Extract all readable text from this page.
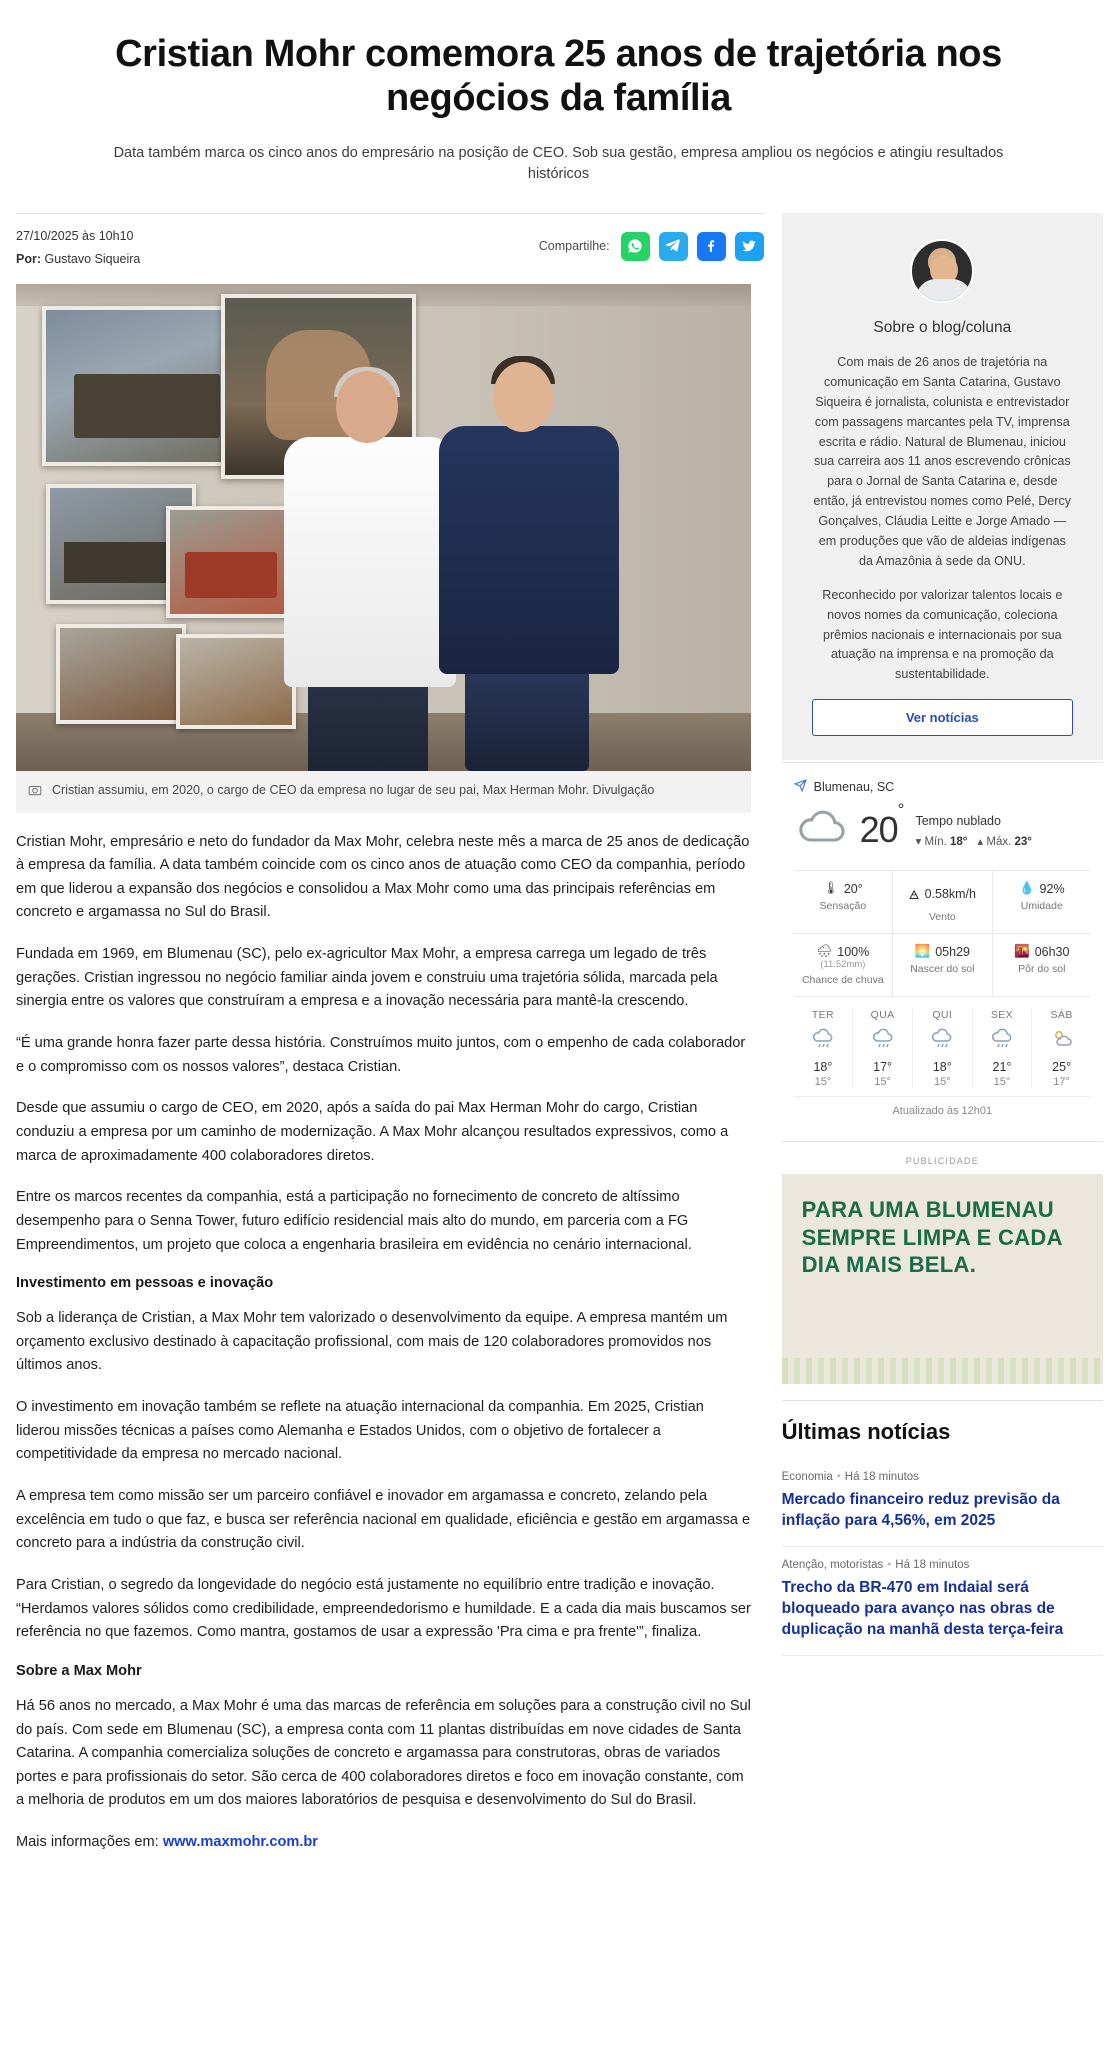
Cristian Mohr comemora 25 anos de trajetória nos negócios da família
Data também marca os cinco anos do empresário na posição de CEO. Sob sua gestão, empresa ampliou os negócios e atingiu resultados históricos
27/10/2025 às 10h10
Por: Gustavo Siqueira
Compartilhe:
Cristian assumiu, em 2020, o cargo de CEO da empresa no lugar de seu pai, Max Herman Mohr. Divulgação

Cristian Mohr, empresário e neto do fundador da Max Mohr, celebra neste mês a marca de 25 anos de dedicação à empresa da família. A data também coincide com os cinco anos de atuação como CEO da companhia, período em que liderou a expansão dos negócios e consolidou a Max Mohr como uma das principais referências em concreto e argamassa no Sul do Brasil.

Fundada em 1969, em Blumenau (SC), pelo ex-agricultor Max Mohr, a empresa carrega um legado de três gerações. Cristian ingressou no negócio familiar ainda jovem e construiu uma trajetória sólida, marcada pela sinergia entre os valores que construíram a empresa e a inovação necessária para mantê-la crescendo.

“É uma grande honra fazer parte dessa história. Construímos muito juntos, com o empenho de cada colaborador e o compromisso com os nossos valores”, destaca Cristian.

Desde que assumiu o cargo de CEO, em 2020, após a saída do pai Max Herman Mohr do cargo, Cristian conduziu a empresa por um caminho de modernização. A Max Mohr alcançou resultados expressivos, como a marca de aproximadamente 400 colaboradores diretos.

Entre os marcos recentes da companhia, está a participação no fornecimento de concreto de altíssimo desempenho para o Senna Tower, futuro edifício residencial mais alto do mundo, em parceria com a FG Empreendimentos, um projeto que coloca a engenharia brasileira em evidência no cenário internacional.

Investimento em pessoas e inovação

Sob a liderança de Cristian, a Max Mohr tem valorizado o desenvolvimento da equipe. A empresa mantém um orçamento exclusivo destinado à capacitação profissional, com mais de 120 colaboradores promovidos nos últimos anos.

O investimento em inovação também se reflete na atuação internacional da companhia. Em 2025, Cristian liderou missões técnicas a países como Alemanha e Estados Unidos, com o objetivo de fortalecer a competitividade da empresa no mercado nacional.

A empresa tem como missão ser um parceiro confiável e inovador em argamassa e concreto, zelando pela excelência em tudo o que faz, e busca ser referência nacional em qualidade, eficiência e gestão em argamassa e concreto para a indústria da construção civil.

Para Cristian, o segredo da longevidade do negócio está justamente no equilíbrio entre tradição e inovação. “Herdamos valores sólidos como credibilidade, empreendedorismo e humildade. E a cada dia mais buscamos ser referência no que fazemos. Como mantra, gostamos de usar a expressão 'Pra cima e pra frente'”, finaliza.

Sobre a Max Mohr

Há 56 anos no mercado, a Max Mohr é uma das marcas de referência em soluções para a construção civil no Sul do país. Com sede em Blumenau (SC), a empresa conta com 11 plantas distribuídas em nove cidades de Santa Catarina. A companhia comercializa soluções de concreto e argamassa para construtoras, obras de variados portes e para profissionais do setor. São cerca de 400 colaboradores diretos e foco em inovação constante, com a melhoria de produtos em um dos maiores laboratórios de pesquisa e desenvolvimento do Sul do Brasil.

Mais informações em: www.maxmohr.com.br

Sobre o blog/coluna

Com mais de 26 anos de trajetória na comunicação em Santa Catarina, Gustavo Siqueira é jornalista, colunista e entrevistador com passagens marcantes pela TV, imprensa escrita e rádio. Natural de Blumenau, iniciou sua carreira aos 11 anos escrevendo crônicas para o Jornal de Santa Catarina e, desde então, já entrevistou nomes como Pelé, Dercy Gonçalves, Cláudia Leitte e Jorge Amado — em produções que vão de aldeias indígenas da Amazônia à sede da ONU.

Reconhecido por valorizar talentos locais e novos nomes da comunicação, coleciona prêmios nacionais e internacionais por sua atuação na imprensa e na promoção da sustentabilidade.

Ver notícias
Blumenau, SC
20°
Tempo nublado
▾ Mín. 18° ▴ Máx. 23°
🌡 20°
Sensação
🜁 0.58km/h
Vento
💧 92%
Umidade
🌧 100%
(11.52mm)
Chance de chuva
🌅 05h29
Nascer do sol
🌇 06h30
Pôr do sol
TER
18°
15°
QUA
17°
15°
QUI
18°
15°
SEX
21°
15°
SÁB
25°
17°
Atualizado às 12h01
PUBLICIDADE
PARA UMA BLUMENAU SEMPRE LIMPA E CADA DIA MAIS BELA.
Últimas notícias
Economia • Há 18 minutos
Mercado financeiro reduz previsão da inflação para 4,56%, em 2025
Atenção, motoristas • Há 18 minutos
Trecho da BR-470 em Indaial será bloqueado para avanço nas obras de duplicação na manhã desta terça-feira
